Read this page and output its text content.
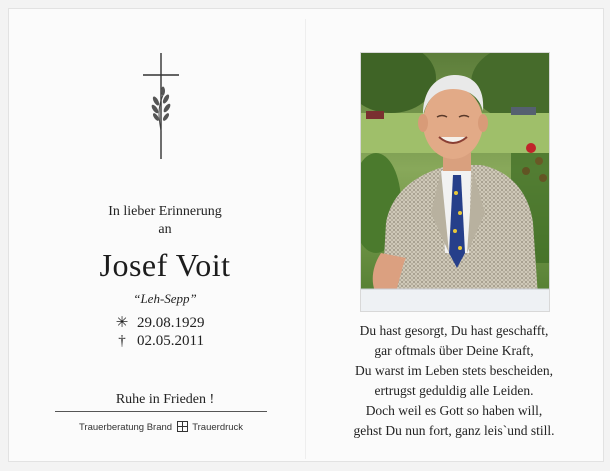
In lieber Erinnerung
an
Josef Voit
“Leh-Sepp”
✳ 29.08.1929
† 02.05.2011
Ruhe in Frieden !
Trauerberatung Brand Trauerdruck
Du hast gesorgt, Du hast geschafft,
gar oftmals über Deine Kraft,
Du warst im Leben stets bescheiden,
ertrugst geduldig alle Leiden.
Doch weil es Gott so haben will,
gehst Du nun fort, ganz leis`und still.
